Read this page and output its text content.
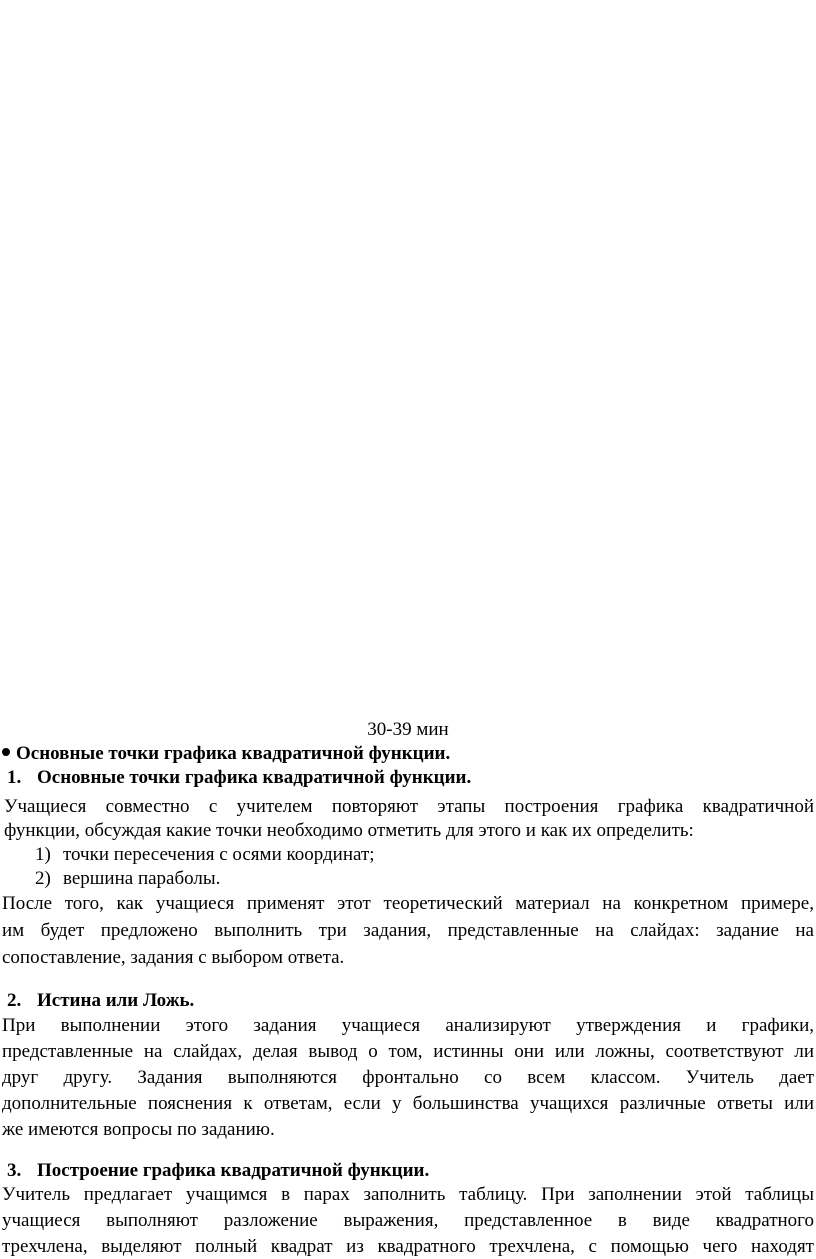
30-39 мин
Основные точки графика квадратичной функции.
1. Основные точки графика квадратичной функции.
Учащиеся совместно с учителем повторяют этапы построения графика квадратичной
функции, обсуждая какие точки необходимо отметить для этого и как их определить:
1) точки пересечения с осями координат;
2) вершина параболы.
После того, как учащиеся применят этот теоретический материал на конкретном примере,
им будет предложено выполнить три задания, представленные на слайдах: задание на
сопоставление, задания с выбором ответа.
2. Истина или Ложь.
При выполнении этого задания учащиеся анализируют утверждения и графики,
представленные на слайдах, делая вывод о том, истинны они или ложны, соответствуют ли
друг другу. Задания выполняются фронтально со всем классом. Учитель дает
дополнительные пояснения к ответам, если у большинства учащихся различные ответы или
же имеются вопросы по заданию.
3. Построение графика квадратичной функции.
Учитель предлагает учащимся в парах заполнить таблицу. При заполнении этой таблицы
учащиеся выполняют разложение выражения, представленное в виде квадратного
трехчлена, выделяют полный квадрат из квадратного трехчлена, с помощью чего находят
